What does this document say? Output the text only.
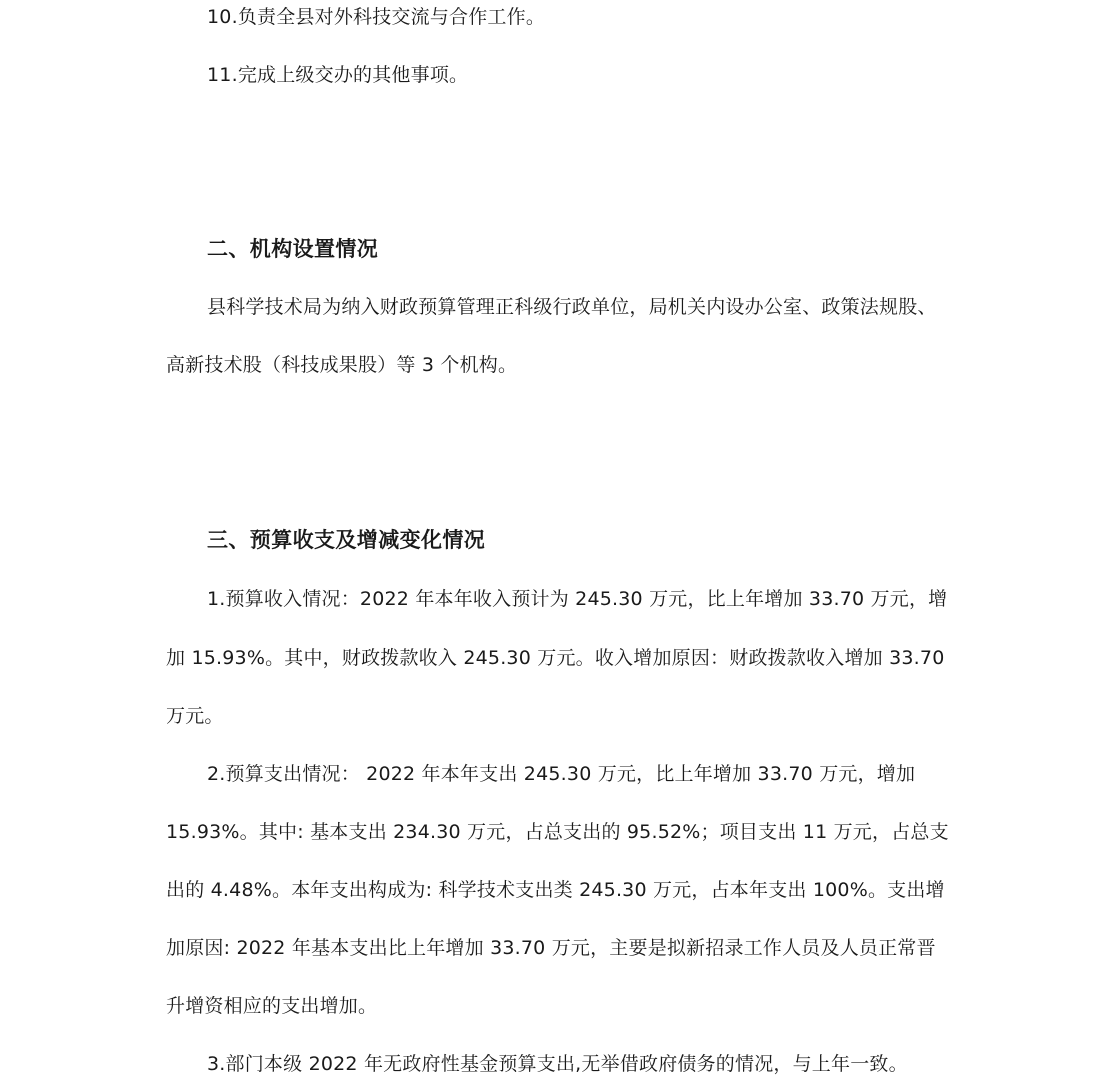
10.负责全县对外科技交流与合作工作。

11.完成上级交办的其他事项。

二、机构设置情况

县科学技术局为纳入财政预算管理正科级行政单位，局机关内设办公室、政策法规股、

高新技术股（科技成果股）等 3 个机构。

三、预算收支及增减变化情况

1.预算收入情况：2022 年本年收入预计为 245.30 万元，比上年增加 33.70 万元，增

加 15.93%。其中，财政拨款收入 245.30 万元。收入增加原因：财政拨款收入增加 33.70

万元。

2.预算支出情况： 2022 年本年支出 245.30 万元，比上年增加 33.70 万元，增加

15.93%。其中: 基本支出 234.30 万元，占总支出的 95.52%；项目支出 11 万元，占总支

出的 4.48%。本年支出构成为: 科学技术支出类 245.30 万元，占本年支出 100%。支出增

加原因: 2022 年基本支出比上年增加 33.70 万元，主要是拟新招录工作人员及人员正常晋

升增资相应的支出增加。

3.部门本级 2022 年无政府性基金预算支出,无举借政府债务的情况，与上年一致。
